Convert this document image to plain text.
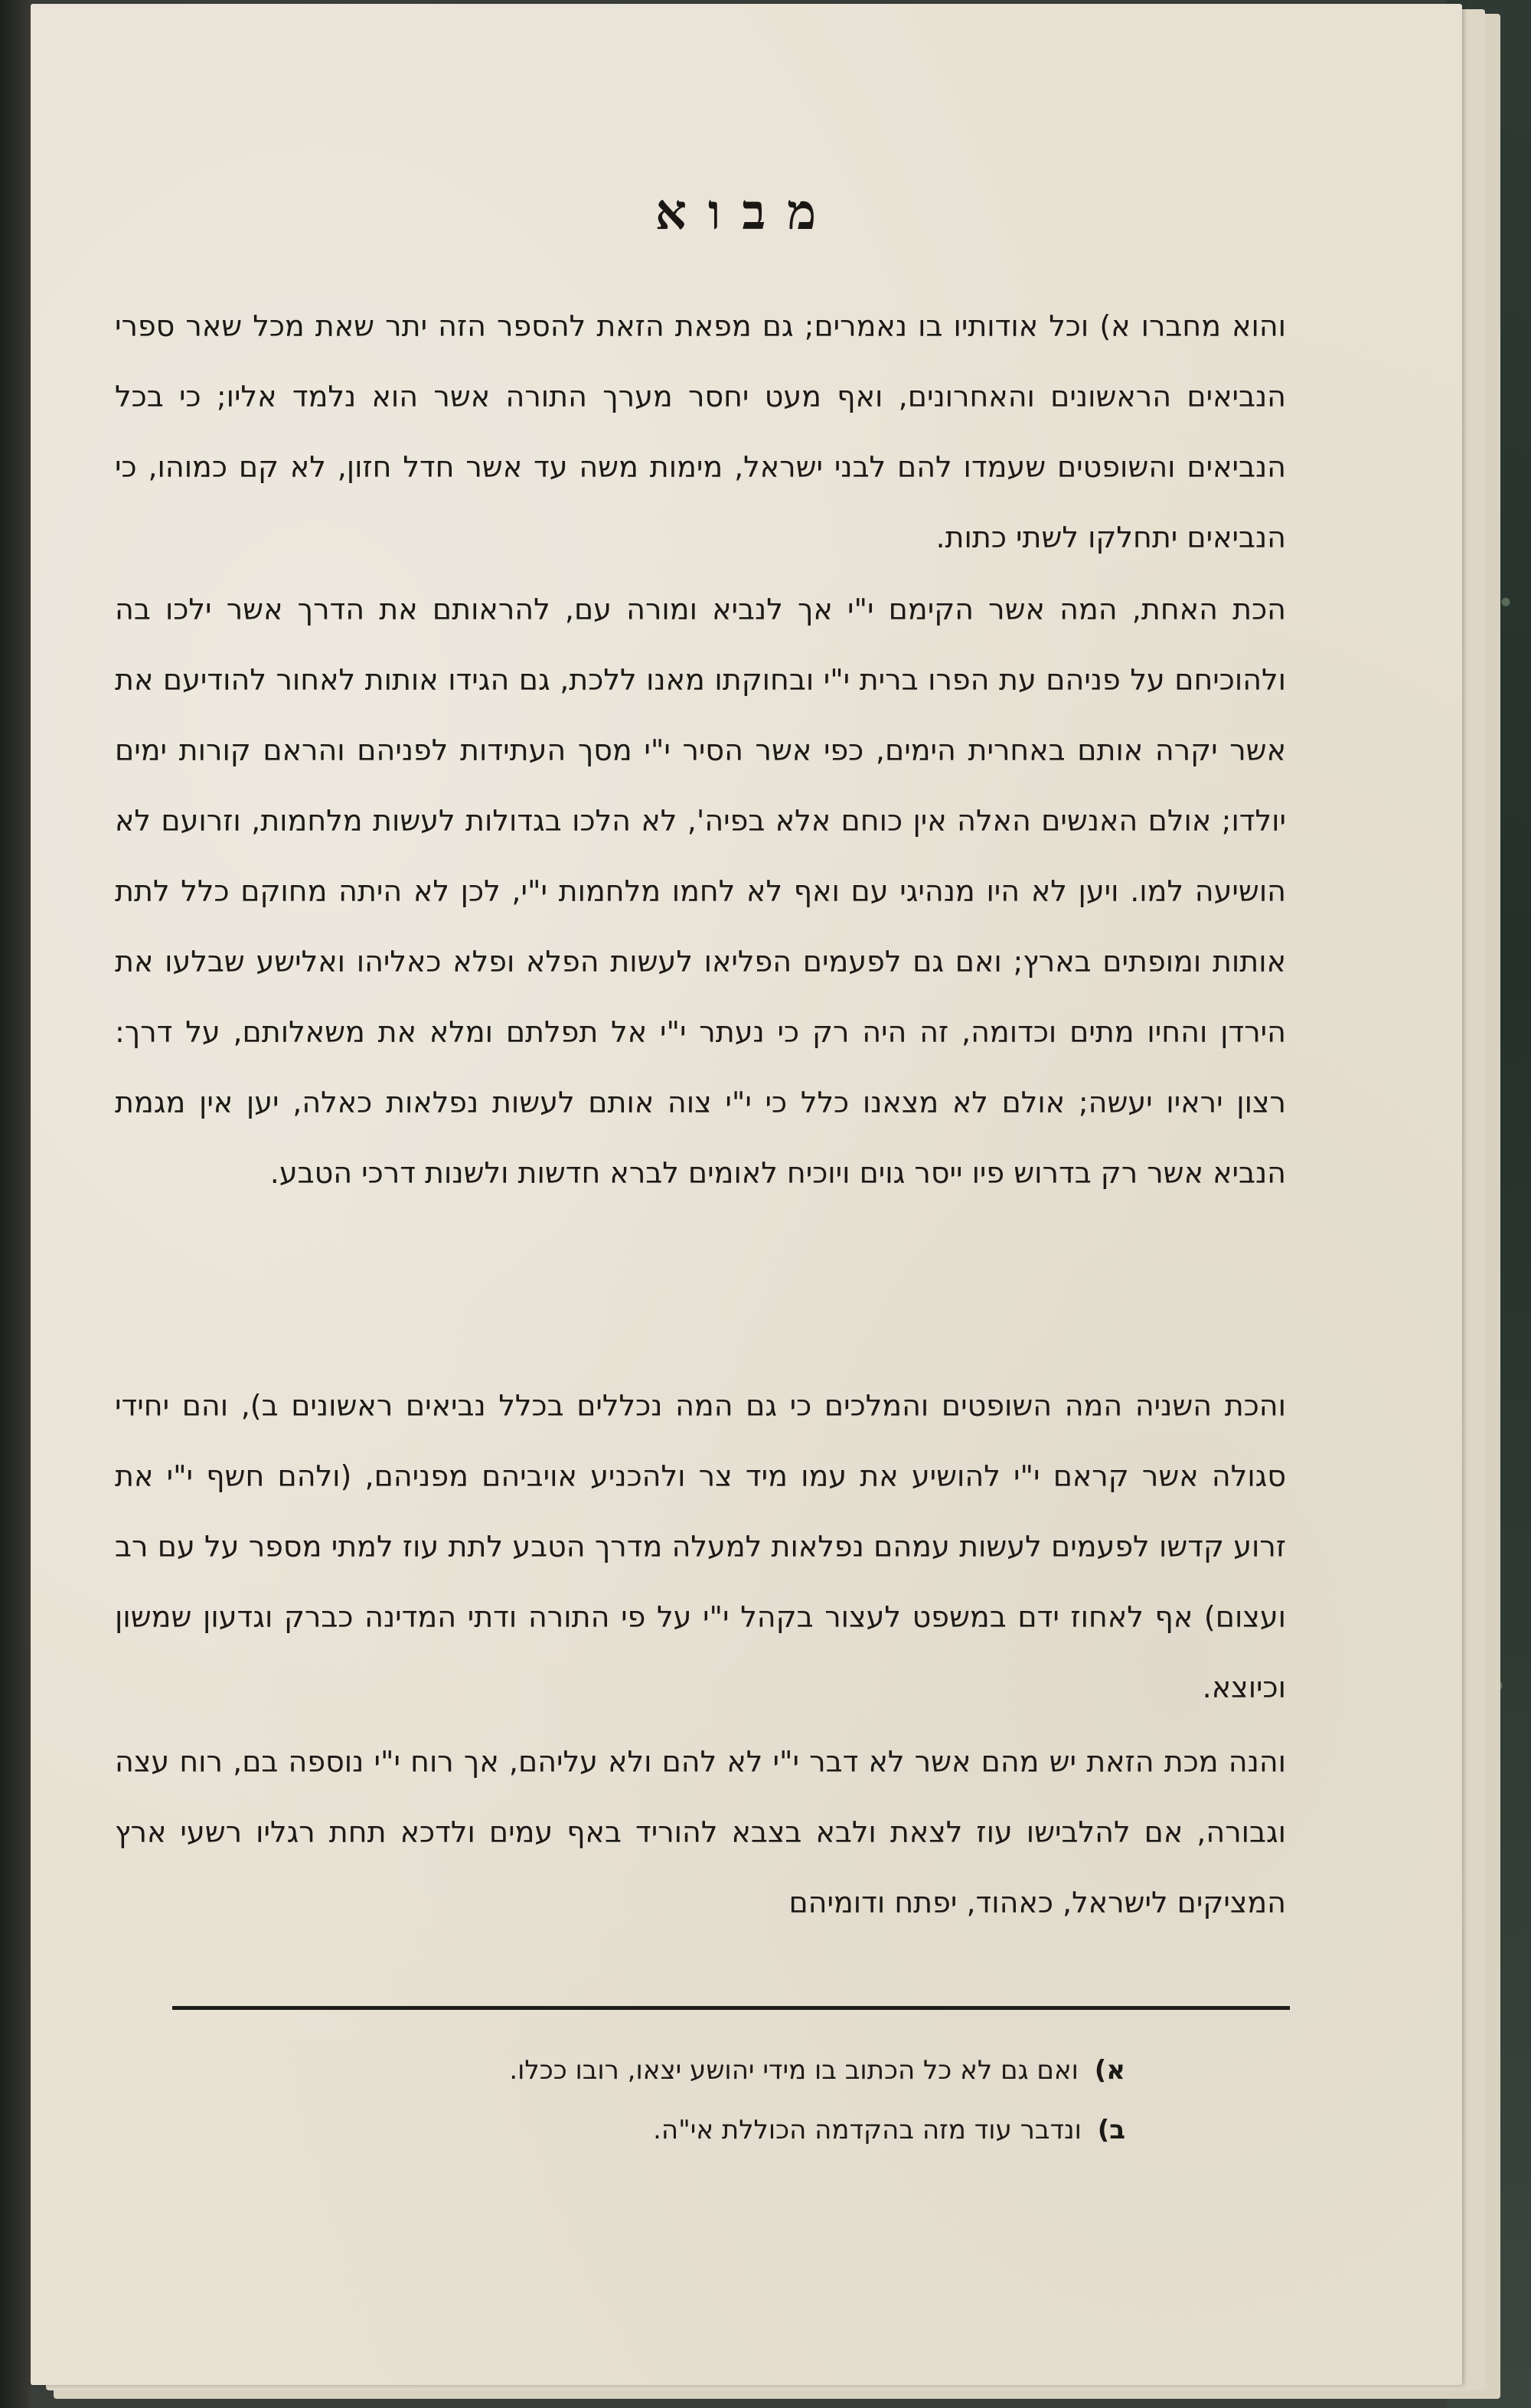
מבוא

והוא מחברו א) וכל אודותיו בו נאמרים; גם מפאת הזאת להספר הזה יתר שאת מכל שאר ספרי הנביאים הראשונים והאחרונים, ואף מעט יחסר מערך התורה אשר הוא נלמד אליו; כי בכל הנביאים והשופטים שעמדו להם לבני ישראל, מימות משה עד אשר חדל חזון, לא קם כמוהו, כי הנביאים יתחלקו לשתי כתות.

הכת האחת, המה אשר הקימם י"י אך לנביא ומורה עם, להראותם את הדרך אשר ילכו בה ולהוכיחם על פניהם עת הפרו ברית י"י ובחוקתו מאנו ללכת, גם הגידו אותות לאחור להודיעם את אשר יקרה אותם באחרית הימים, כפי אשר הסיר י"י מסך העתידות לפניהם והראם קורות ימים יולדו; אולם האנשים האלה אין כוחם אלא בפיה', לא הלכו בגדולות לעשות מלחמות, וזרועם לא הושיעה למו. ויען לא היו מנהיגי עם ואף לא לחמו מלחמות י"י, לכן לא היתה מחוקם כלל לתת אותות ומופתים בארץ; ואם גם לפעמים הפליאו לעשות הפלא ופלא כאליהו ואלישע שבלעו את הירדן והחיו מתים וכדומה, זה היה רק כי נעתר י"י אל תפלתם ומלא את משאלותם, על דרך: רצון יראיו יעשה; אולם לא מצאנו כלל כי י"י צוה אותם לעשות נפלאות כאלה, יען אין מגמת הנביא אשר רק בדרוש פיו ייסר גוים ויוכיח לאומים לברא חדשות ולשנות דרכי הטבע.

והכת השניה המה השופטים והמלכים כי גם המה נכללים בכלל נביאים ראשונים ב), והם יחידי סגולה אשר קראם י"י להושיע את עמו מיד צר ולהכניע אויביהם מפניהם, (ולהם חשף י"י את זרוע קדשו לפעמים לעשות עמהם נפלאות למעלה מדרך הטבע לתת עוז למתי מספר על עם רב ועצום) אף לאחוז ידם במשפט לעצור בקהל י"י על פי התורה ודתי המדינה כברק וגדעון שמשון וכיוצא.

והנה מכת הזאת יש מהם אשר לא דבר י"י לא להם ולא עליהם, אך רוח י"י נוספה בם, רוח עצה וגבורה, אם להלבישו עוז לצאת ולבא בצבא להוריד באף עמים ולדכא תחת רגליו רשעי ארץ המציקים לישראל, כאהוד, יפתח ודומיהם

א) ואם גם לא כל הכתוב בו מידי יהושע יצאו, רובו ככלו.

ב) ונדבר עוד מזה בהקדמה הכוללת אי"ה.
